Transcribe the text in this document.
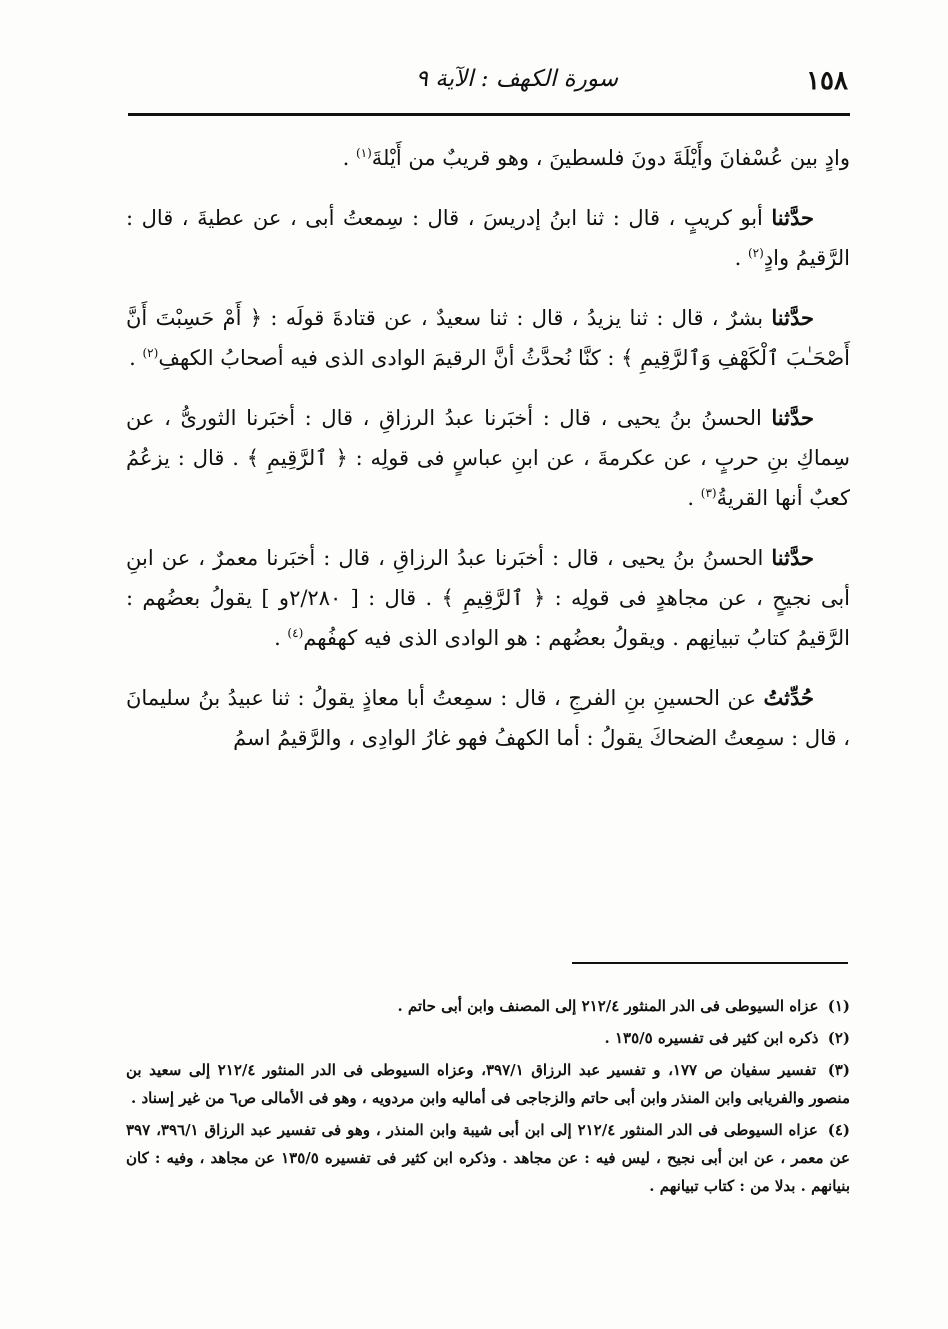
١٥٨
سورة الكهف : الآية ٩

وادٍ بين عُسْفانَ وأَيْلَةَ دونَ فلسطينَ ، وهو قريبٌ من أَيْلةَ$^{(١)}$ .

حدَّثنا أبو كريبٍ ، قال : ثنا ابنُ إدريسَ ، قال : سِمعتُ أبى ، عن عطيةَ ، قال : الرَّقيمُ وادٍ$^{(٢)}$ .

حدَّثنا بشرٌ ، قال : ثنا يزيدُ ، قال : ثنا سعيدٌ ، عن قتادةَ قولَه : ﴿ أَمْ حَسِبْتَ أَنَّ أَصْحَـٰبَ ٱلْكَهْفِ وَٱلرَّقِيمِ ﴾ : كنَّا نُحدَّثُ أنَّ الرقيمَ الوادى الذى فيه أصحابُ الكهفِ$^{(٢)}$ .

حدَّثنا الحسنُ بنُ يحيى ، قال : أخبَرنا عبدُ الرزاقِ ، قال : أخبَرنا الثورىُّ ، عن سِماكِ بنِ حربٍ ، عن عكرمةَ ، عن ابنِ عباسٍ فى قولِه : ﴿ ٱلرَّقِيمِ ﴾ . قال : يزعُمُ كعبٌ أنها القريةُ$^{(٣)}$ .

حدَّثنا الحسنُ بنُ يحيى ، قال : أخبَرنا عبدُ الرزاقِ ، قال : أخبَرنا معمرٌ ، عن ابنِ أبى نجيحٍ ، عن مجاهدٍ فى قولِه : ﴿ ٱلرَّقِيمِ ﴾ . قال : [ ٢/٢٨٠و ] يقولُ بعضُهم : الرَّقيمُ كتابُ تبيانِهم . ويقولُ بعضُهم : هو الوادى الذى فيه كهفُهم$^{(٤)}$ .

حُدِّثتُ عن الحسينِ بنِ الفرجِ ، قال : سمِعتُ أبا معاذٍ يقولُ : ثنا عبيدُ بنُ سليمانَ ، قال : سمِعتُ الضحاكَ يقولُ : أما الكهفُ فهو غارُ الوادِى ، والرَّقيمُ اسمُ

(١) عزاه السيوطى فى الدر المنثور ٢١٢/٤ إلى المصنف وابن أبى حاتم .

(٢) ذكره ابن كثير فى تفسيره ١٣٥/٥ .

(٣) تفسير سفيان ص ١٧٧، و تفسير عبد الرزاق ٣٩٧/١، وعزاه السيوطى فى الدر المنثور ٢١٢/٤ إلى سعيد بن منصور والفريابى وابن المنذر وابن أبى حاتم والزجاجى فى أماليه وابن مردويه ، وهو فى الأمالى ص٦ من غير إسناد .

(٤) عزاه السيوطى فى الدر المنثور ٢١٢/٤ إلى ابن أبى شيبة وابن المنذر ، وهو فى تفسير عبد الرزاق ٣٩٦/١، ٣٩٧ عن معمر ، عن ابن أبى نجيح ، ليس فيه : عن مجاهد . وذكره ابن كثير فى تفسيره ١٣٥/٥ عن مجاهد ، وفيه : كان بنيانهم . بدلا من : كتاب تبيانهم .
